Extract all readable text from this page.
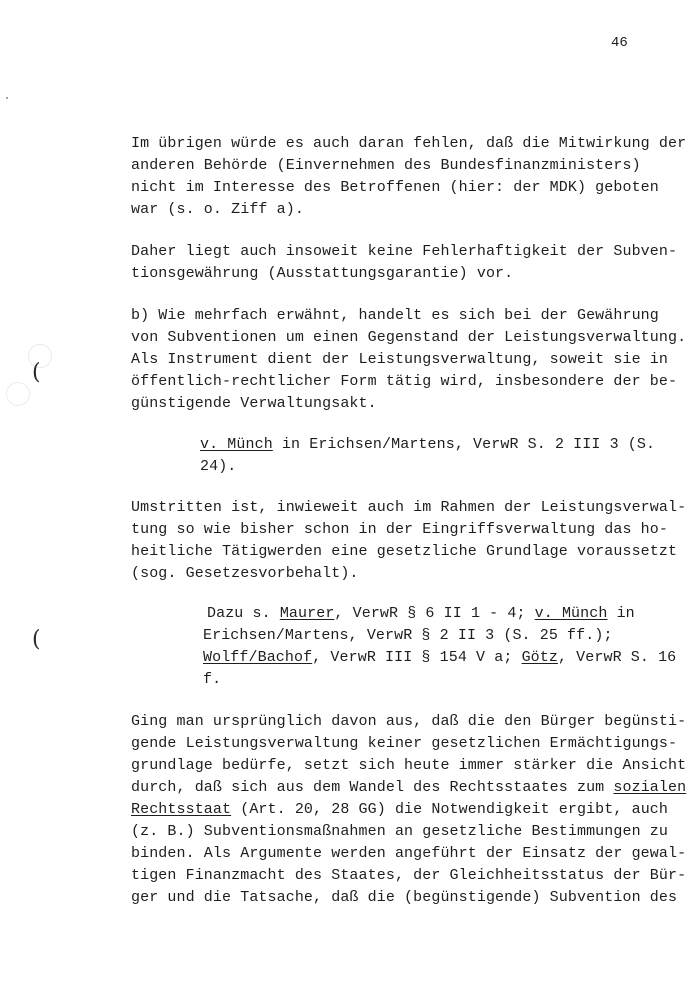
46
(
(
Im übrigen würde es auch daran fehlen, daß die Mitwirkung der
anderen Behörde (Einvernehmen des Bundesfinanzministers)
nicht im Interesse des Betroffenen (hier: der MDK) geboten
war (s. o. Ziff a).
Daher liegt auch insoweit keine Fehlerhaftigkeit der Subven-
tionsgewährung (Ausstattungsgarantie) vor.
b) Wie mehrfach erwähnt, handelt es sich bei der Gewährung
von Subventionen um einen Gegenstand der Leistungsverwaltung.
Als Instrument dient der Leistungsverwaltung, soweit sie in
öffentlich-rechtlicher Form tätig wird, insbesondere der be-
günstigende Verwaltungsakt.
v. Münch in Erichsen/Martens, VerwR S. 2 III 3 (S.
24).
Umstritten ist, inwieweit auch im Rahmen der Leistungsverwal-
tung so wie bisher schon in der Eingriffsverwaltung das ho-
heitliche Tätigwerden eine gesetzliche Grundlage voraussetzt
(sog. Gesetzesvorbehalt).
Dazu s. Maurer, VerwR § 6 II 1 - 4; v. Münch in
Erichsen/Martens, VerwR § 2 II 3 (S. 25 ff.);
Wolff/Bachof, VerwR III § 154 V a; Götz, VerwR S. 16
f.
Ging man ursprünglich davon aus, daß die den Bürger begünsti-
gende Leistungsverwaltung keiner gesetzlichen Ermächtigungs-
grundlage bedürfe, setzt sich heute immer stärker die Ansicht
durch, daß sich aus dem Wandel des Rechtsstaates zum sozialen
Rechtsstaat (Art. 20, 28 GG) die Notwendigkeit ergibt, auch
(z. B.) Subventionsmaßnahmen an gesetzliche Bestimmungen zu
binden. Als Argumente werden angeführt der Einsatz der gewal-
tigen Finanzmacht des Staates, der Gleichheitsstatus der Bür-
ger und die Tatsache, daß die (begünstigende) Subvention des
